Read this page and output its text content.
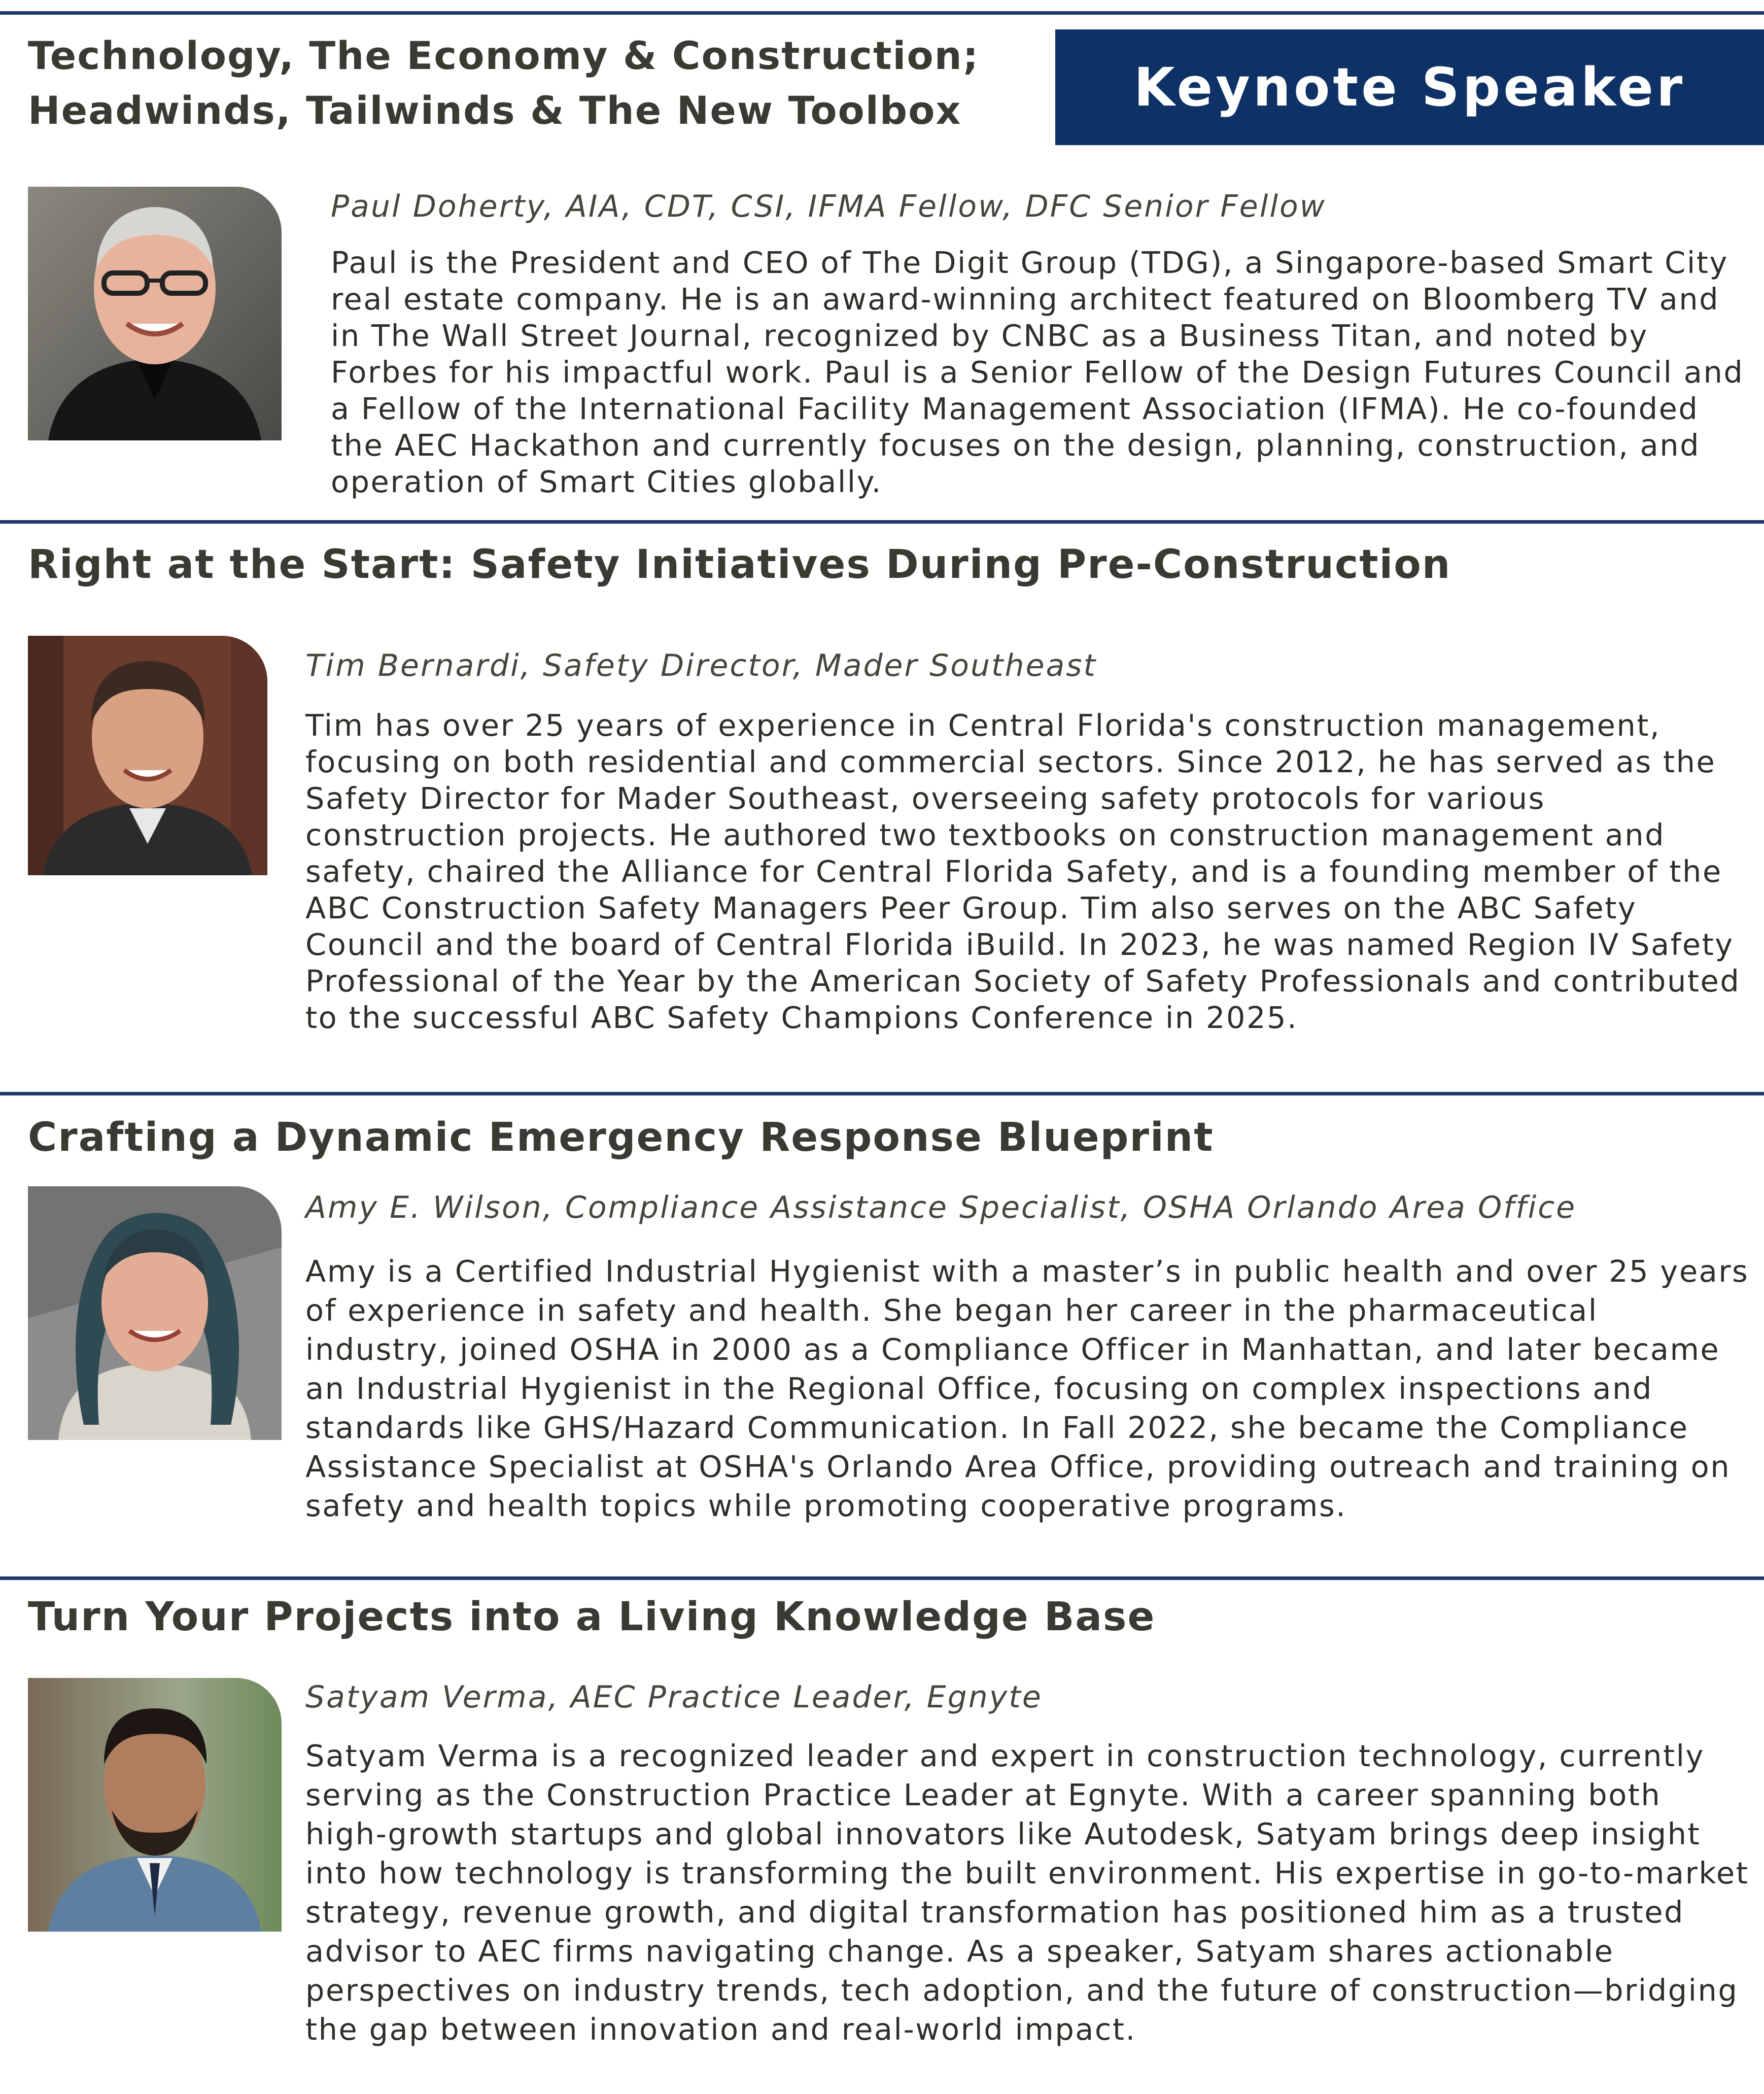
Technology, The Economy & Construction;
Headwinds, Tailwinds & The New Toolbox	Keynote Speaker

Paul Doherty, AIA, CDT, CSI, IFMA Fellow, DFC Senior Fellow

Paul is the President and CEO of The Digit Group (TDG), a Singapore-based Smart City real estate company. He is an award-winning architect featured on Bloomberg TV and in The Wall Street Journal, recognized by CNBC as a Business Titan, and noted by Forbes for his impactful work. Paul is a Senior Fellow of the Design Futures Council and a Fellow of the International Facility Management Association (IFMA). He co-founded the AEC Hackathon and currently focuses on the design, planning, construction, and operation of Smart Cities globally.

Right at the Start: Safety Initiatives During Pre-Construction

Tim Bernardi, Safety Director, Mader Southeast

Tim has over 25 years of experience in Central Florida's construction management, focusing on both residential and commercial sectors. Since 2012, he has served as the Safety Director for Mader Southeast, overseeing safety protocols for various construction projects. He authored two textbooks on construction management and safety, chaired the Alliance for Central Florida Safety, and is a founding member of the ABC Construction Safety Managers Peer Group. Tim also serves on the ABC Safety Council and the board of Central Florida iBuild. In 2023, he was named Region IV Safety Professional of the Year by the American Society of Safety Professionals and contributed to the successful ABC Safety Champions Conference in 2025.

Crafting a Dynamic Emergency Response Blueprint

Amy E. Wilson, Compliance Assistance Specialist, OSHA Orlando Area Office

Amy is a Certified Industrial Hygienist with a master’s in public health and over 25 years of experience in safety and health. She began her career in the pharmaceutical industry, joined OSHA in 2000 as a Compliance Officer in Manhattan, and later became an Industrial Hygienist in the Regional Office, focusing on complex inspections and standards like GHS/Hazard Communication. In Fall 2022, she became the Compliance Assistance Specialist at OSHA's Orlando Area Office, providing outreach and training on safety and health topics while promoting cooperative programs.

Turn Your Projects into a Living Knowledge Base

Satyam Verma, AEC Practice Leader, Egnyte

Satyam Verma is a recognized leader and expert in construction technology, currently serving as the Construction Practice Leader at Egnyte. With a career spanning both high-growth startups and global innovators like Autodesk, Satyam brings deep insight into how technology is transforming the built environment. His expertise in go-to-market strategy, revenue growth, and digital transformation has positioned him as a trusted advisor to AEC firms navigating change. As a speaker, Satyam shares actionable perspectives on industry trends, tech adoption, and the future of construction—bridging the gap between innovation and real-world impact.
